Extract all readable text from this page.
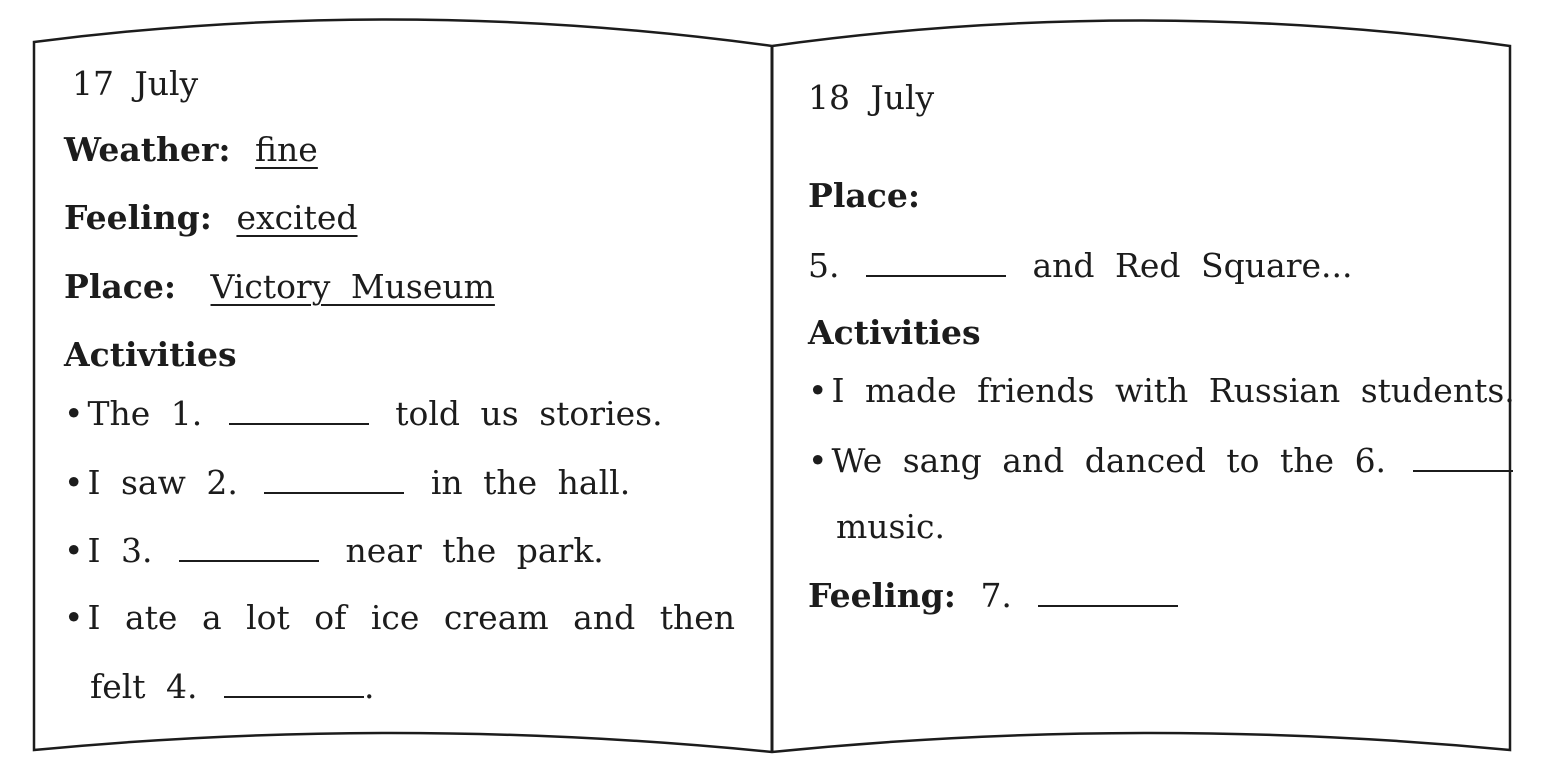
17 July
Weather: fine
Feeling: excited
Place: Victory Museum
Activities
• The 1.	told us stories.
• I saw 2.	in the hall.
• I 3.	near the park.
• I ate a lot of ice cream and then
felt 4.	.
18 July
Place:
5.	and Red Square...
Activities
• I made friends with Russian students.
• We sang and danced to the 6.
music.
Feeling: 7.
